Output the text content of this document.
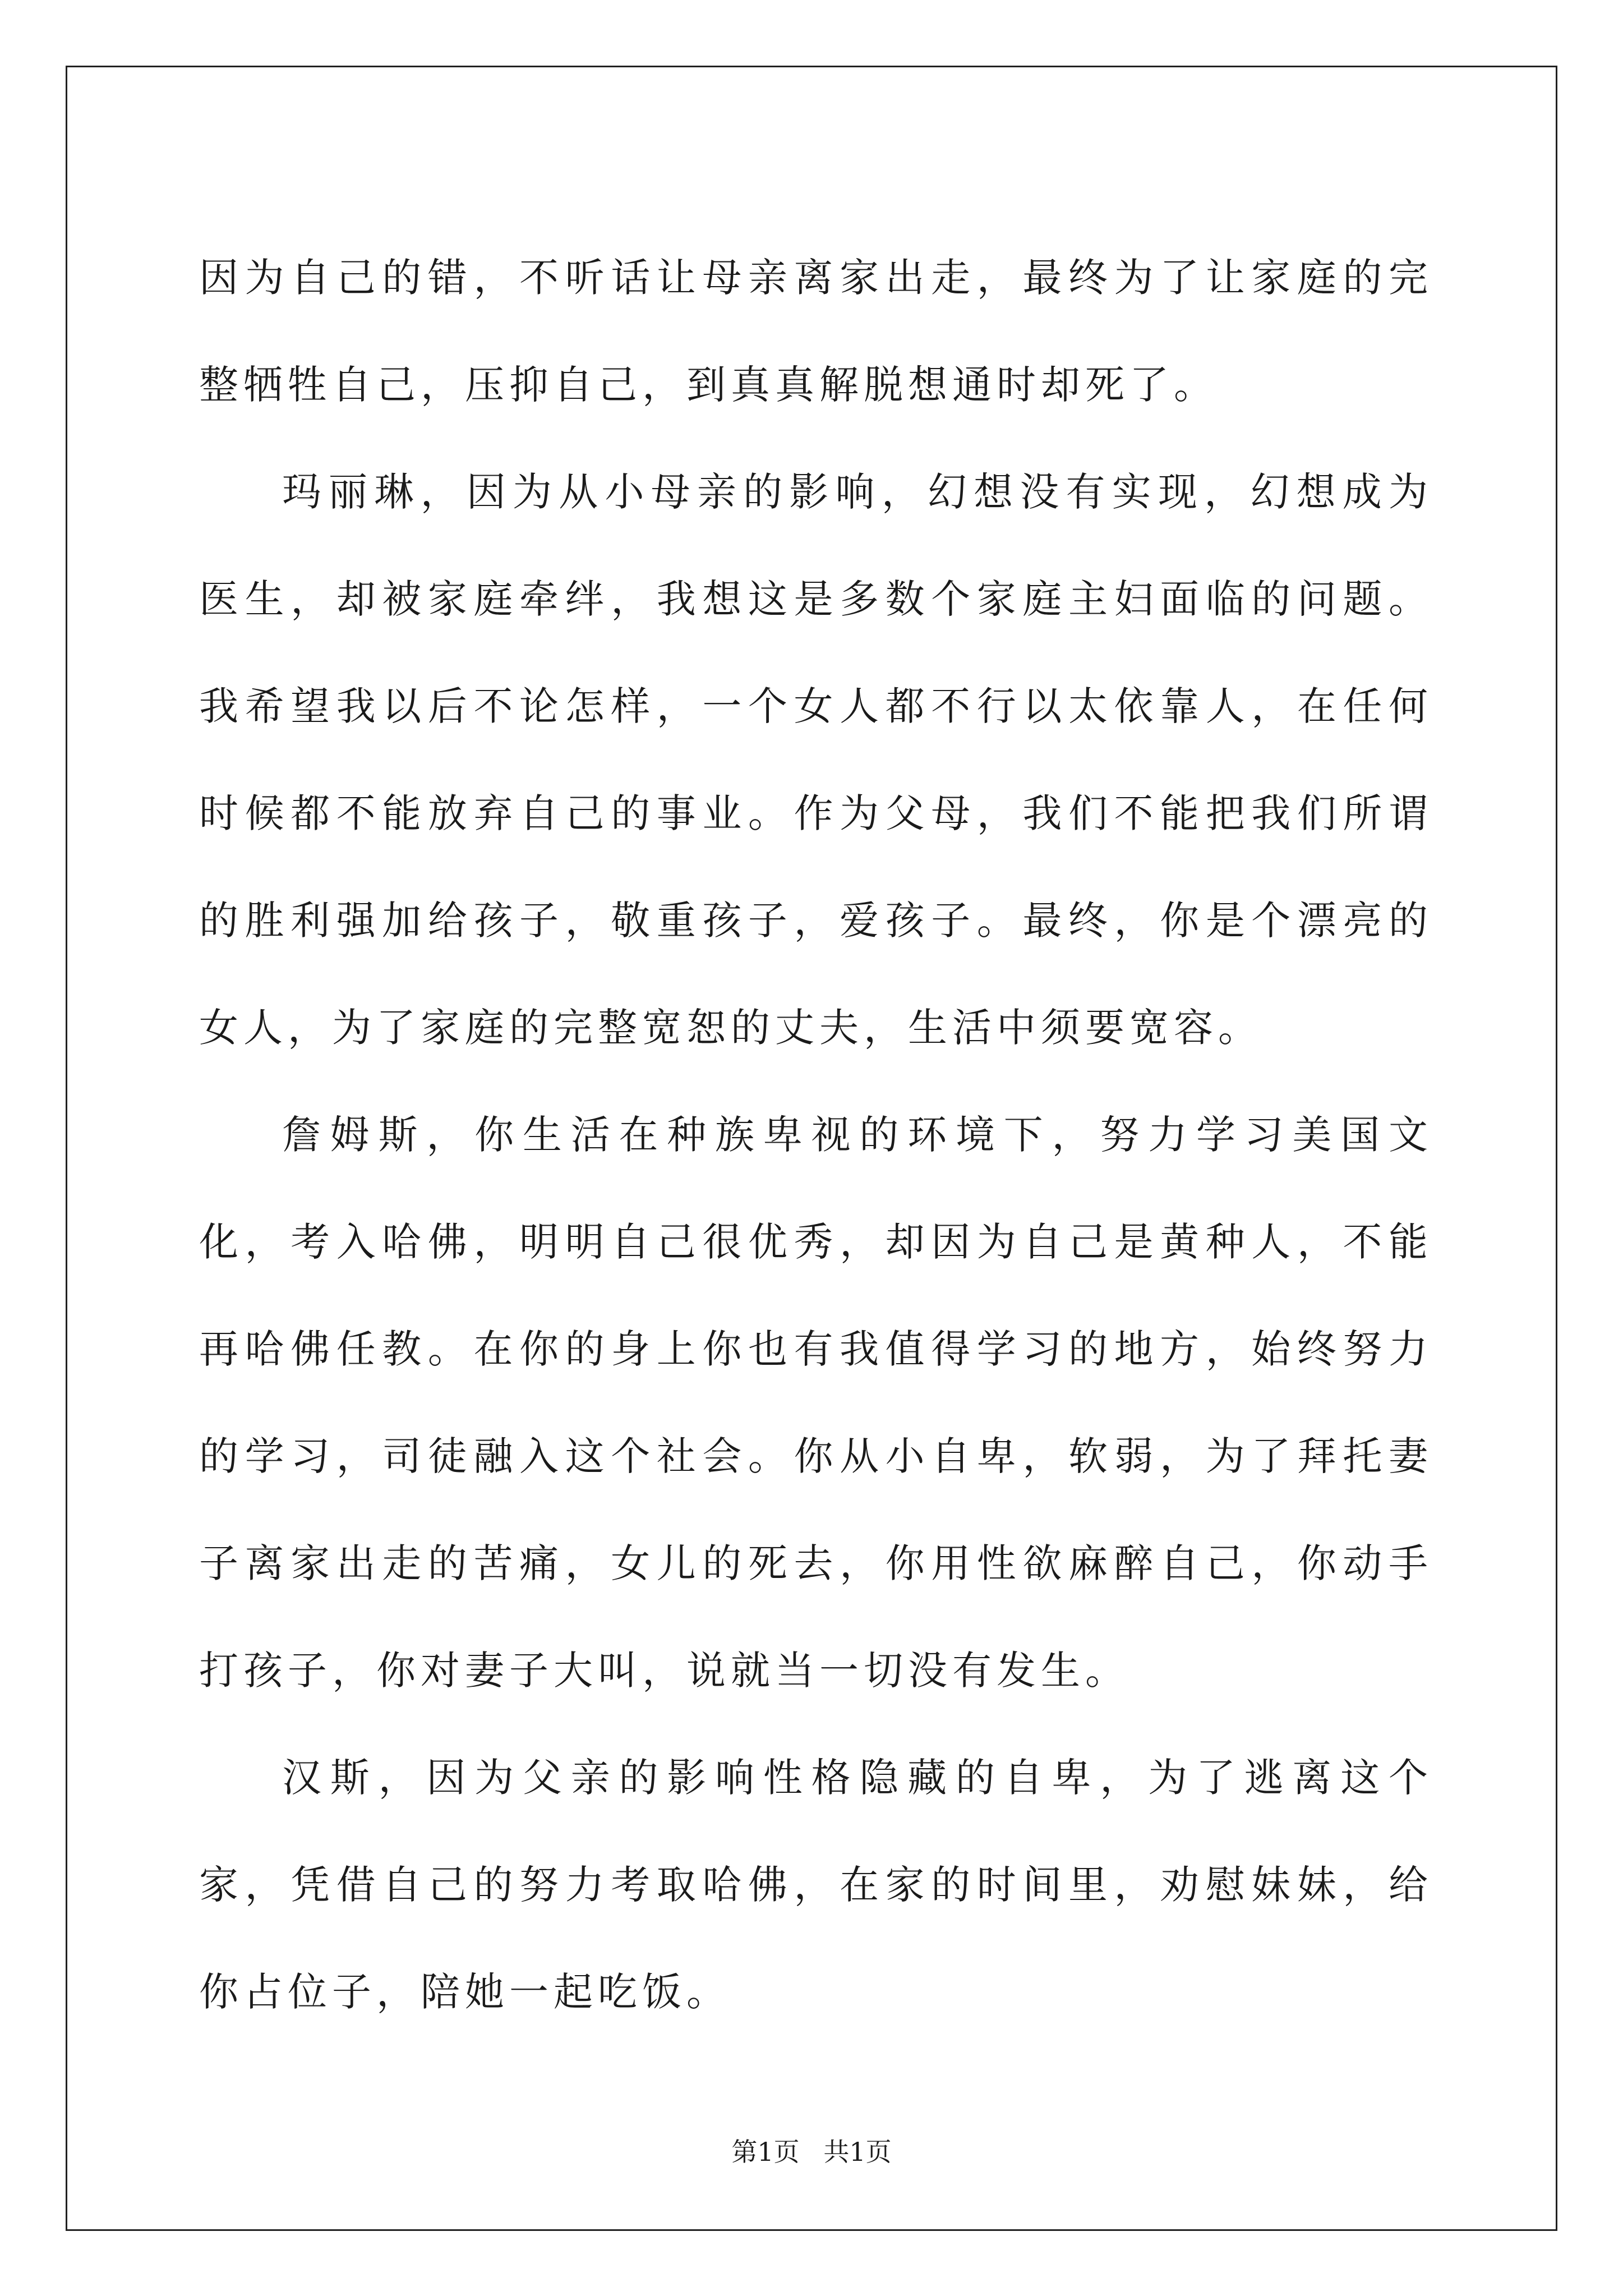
因为自己的错，不听话让母亲离家出走，最终为了让家庭的完整牺牲自己，压抑自己，到真真解脱想通时却死了。

玛丽琳，因为从小母亲的影响，幻想没有实现，幻想成为医生，却被家庭牵绊，我想这是多数个家庭主妇面临的问题。我希望我以后不论怎样，一个女人都不行以太依靠人，在任何时候都不能放弃自己的事业。作为父母，我们不能把我们所谓的胜利强加给孩子，敬重孩子，爱孩子。最终，你是个漂亮的女人，为了家庭的完整宽恕的丈夫，生活中须要宽容。

詹姆斯，你生活在种族卑视的环境下，努力学习美国文化，考入哈佛，明明自己很优秀，却因为自己是黄种人，不能再哈佛任教。在你的身上你也有我值得学习的地方，始终努力的学习，司徒融入这个社会。你从小自卑，软弱，为了拜托妻子离家出走的苦痛，女儿的死去，你用性欲麻醉自己，你动手打孩子，你对妻子大叫，说就当一切没有发生。

汉斯，因为父亲的影响性格隐藏的自卑，为了逃离这个家，凭借自己的努力考取哈佛，在家的时间里，劝慰妹妹，给你占位子，陪她一起吃饭。

第1页 共1页
